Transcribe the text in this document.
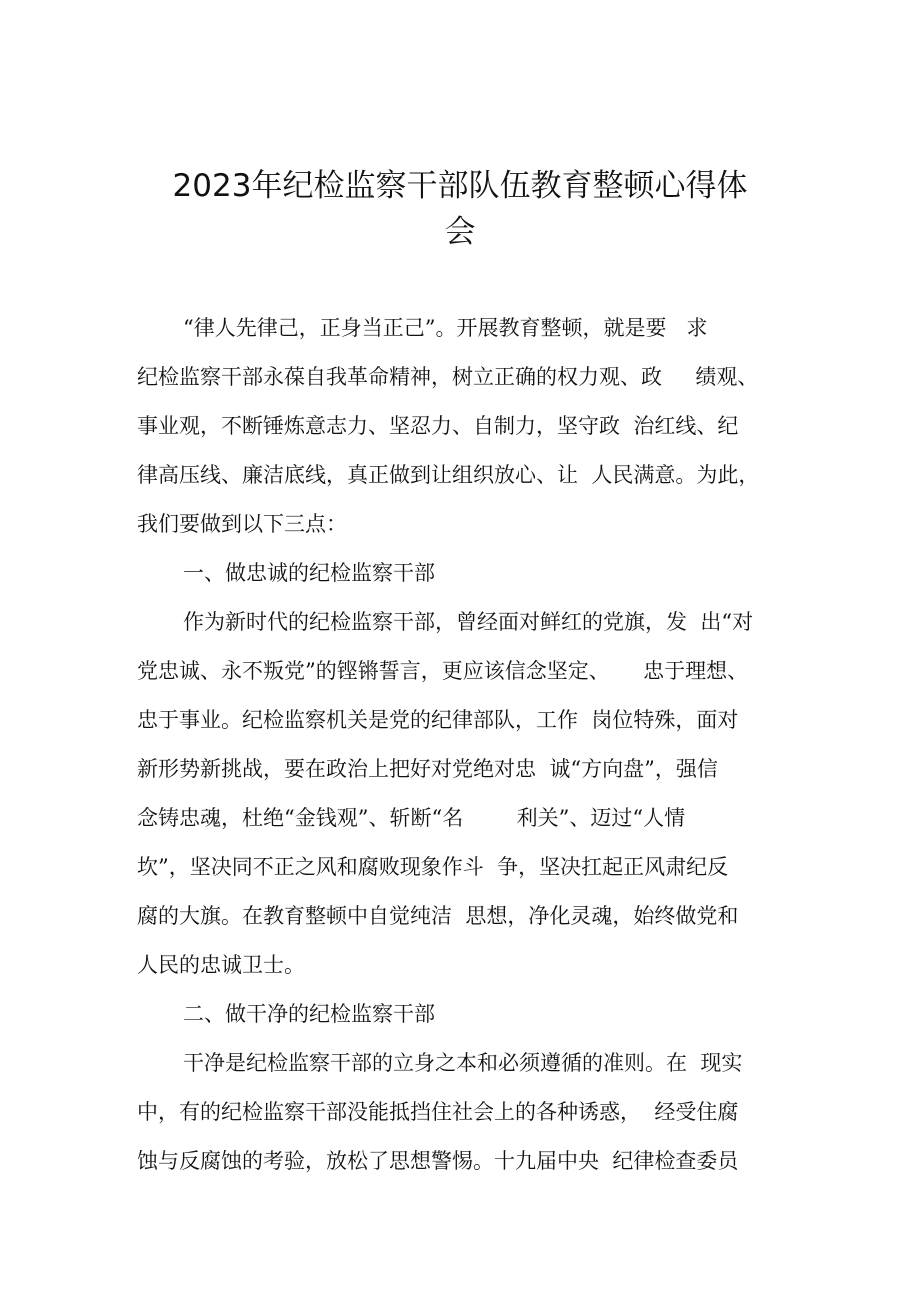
2023年纪检监察干部队伍教育整顿心得体
会

“律人先律己，正身当正己”。开展教育整顿，就是要   求

纪检监察干部永葆自我革命精神，树立正确的权力观、政     绩观、

事业观，不断锤炼意志力、坚忍力、自制力，坚守政  治红线、纪

律高压线、廉洁底线，真正做到让组织放心、让  人民满意。为此，

我们要做到以下三点：

一、做忠诚的纪检监察干部

作为新时代的纪检监察干部，曾经面对鲜红的党旗，发  出“对

党忠诚、永不叛党”的铿锵誓言，更应该信念坚定、     忠于理想、

忠于事业。纪检监察机关是党的纪律部队，工作  岗位特殊，面对

新形势新挑战，要在政治上把好对党绝对忠  诚“方向盘”，强信

念铸忠魂，杜绝“金钱观”、斩断“名        利关”、迈过“人情

坎”，坚决同不正之风和腐败现象作斗  争，坚决扛起正风肃纪反

腐的大旗。在教育整顿中自觉纯洁  思想，净化灵魂，始终做党和

人民的忠诚卫士。

二、做干净的纪检监察干部

干净是纪检监察干部的立身之本和必须遵循的准则。在  现实

中，有的纪检监察干部没能抵挡住社会上的各种诱惑，  经受住腐

蚀与反腐蚀的考验，放松了思想警惕。十九届中央  纪律检查委员
